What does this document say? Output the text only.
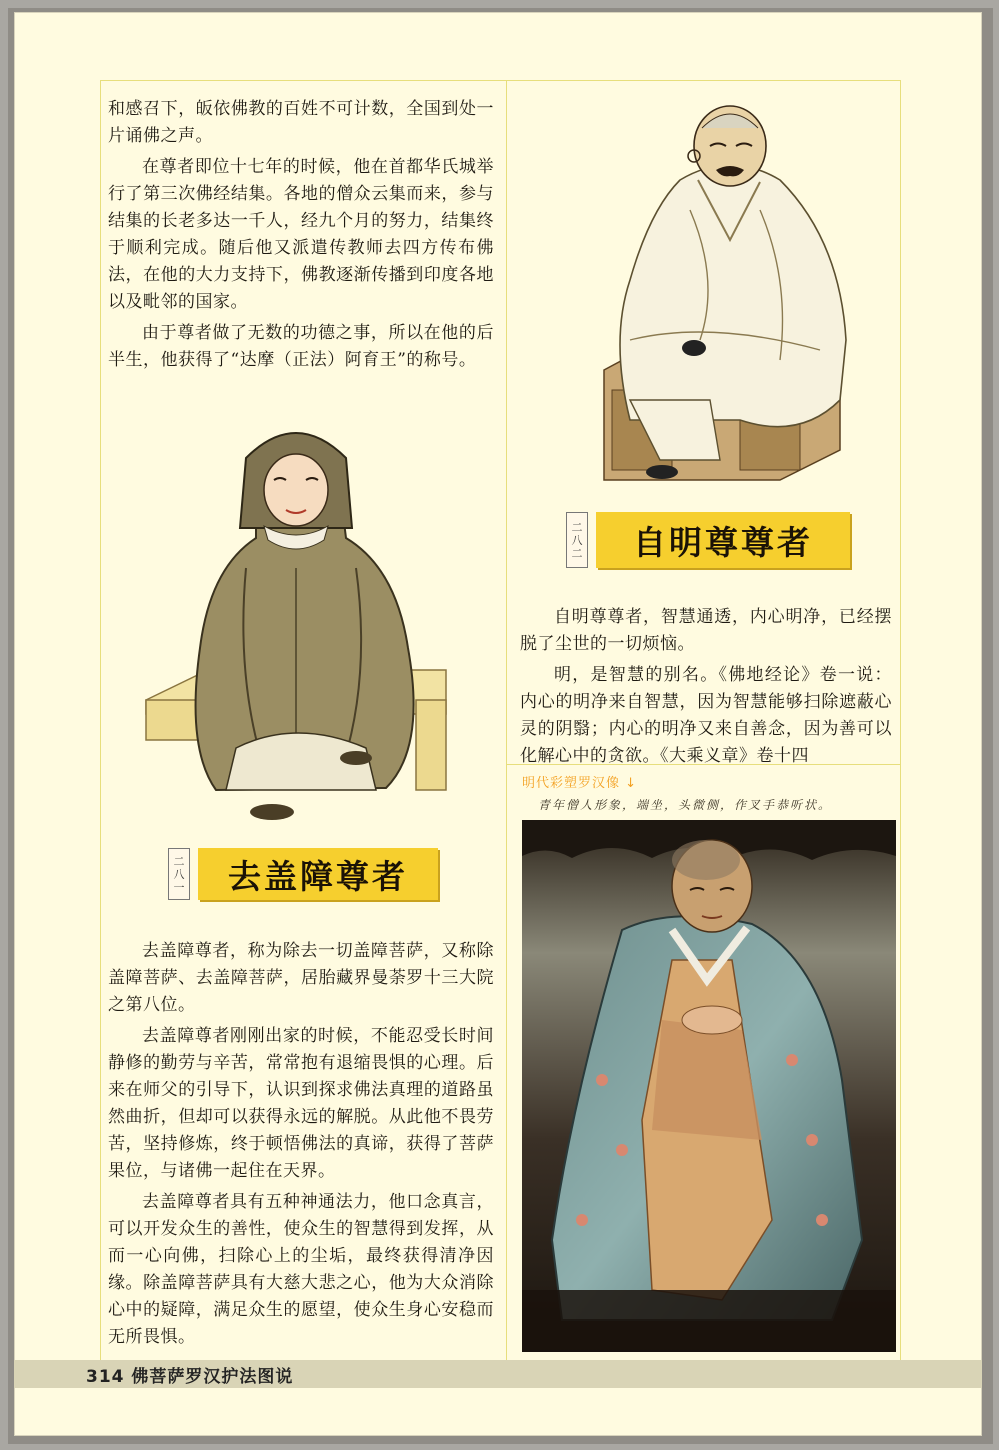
和感召下，皈依佛教的百姓不可计数，全国到处一片诵佛之声。

在尊者即位十七年的时候，他在首都华氏城举行了第三次佛经结集。各地的僧众云集而来，参与结集的长老多达一千人，经九个月的努力，结集终于顺利完成。随后他又派遣传教师去四方传布佛法，在他的大力支持下，佛教逐渐传播到印度各地以及毗邻的国家。

由于尊者做了无数的功德之事，所以在他的后半生，他获得了“达摩（正法）阿育王”的称号。

二
八
一	去盖障尊者

去盖障尊者，称为除去一切盖障菩萨，又称除盖障菩萨、去盖障菩萨，居胎藏界曼荼罗十三大院之第八位。

去盖障尊者刚刚出家的时候，不能忍受长时间静修的勤劳与辛苦，常常抱有退缩畏惧的心理。后来在师父的引导下，认识到探求佛法真理的道路虽然曲折，但却可以获得永远的解脱。从此他不畏劳苦，坚持修炼，终于顿悟佛法的真谛，获得了菩萨果位，与诸佛一起住在天界。

去盖障尊者具有五种神通法力，他口念真言，可以开发众生的善性，使众生的智慧得到发挥，从而一心向佛，扫除心上的尘垢，最终获得清净因缘。除盖障菩萨具有大慈大悲之心，他为大众消除心中的疑障，满足众生的愿望，使众生身心安稳而无所畏惧。

二
八
二	自明尊尊者

自明尊尊者，智慧通透，内心明净，已经摆脱了尘世的一切烦恼。

明，是智慧的别名。《佛地经论》卷一说：内心的明净来自智慧，因为智慧能够扫除遮蔽心灵的阴翳；内心的明净又来自善念，因为善可以化解心中的贪欲。《大乘义章》卷十四

明代彩塑罗汉像 ↓
青年僧人形象，端坐，头微侧，作叉手恭听状。
314 佛菩萨罗汉护法图说
